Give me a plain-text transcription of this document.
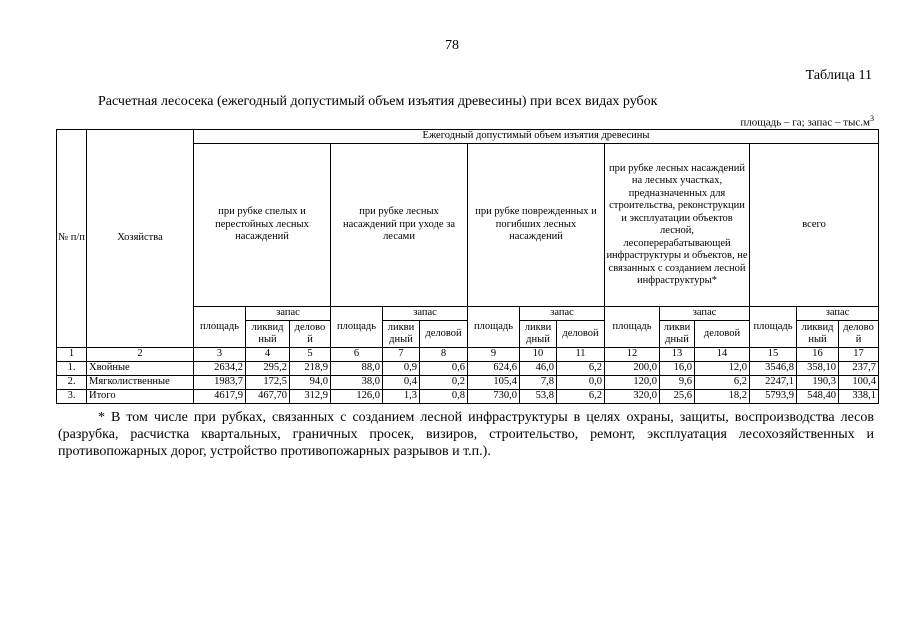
78
Таблица 11
Расчетная лесосека (ежегодный допустимый объем изъятия древесины) при всех видах рубок
площадь – га; запас – $тыс.м^3$
№ п/п	Хозяйства	Ежегодный допустимый объем изъятия древесины														
		при рубке спелых и перестойных лесных насаждений			при рубке лесных насаждений при уходе за лесами			при рубке поврежденных и погибших лесных насаждений			при рубке лесных насаждений на лесных участках, предназначенных для строительства, реконструкции и эксплуатации объектов лесной, лесоперерабатывающей инфраструктуры и объектов, не связанных с созданием лесной инфраструктуры*			всего		
		площадь	запас		площадь	запас		площадь	запас		площадь	запас		площадь	запас	
			ликвид ный	делово й		ликви дный	деловой		ликви дный	деловой		ликви дный	деловой		ликвид ный	делово й
1	2	3	4	5	6	7	8	9	10	11	12	13	14	15	16	17
1.	Хвойные	2634,2	295,2	218,9	88,0	0,9	0,6	624,6	46,0	6,2	200,0	16,0	12,0	3546,8	358,10	237,7
2.	Мягколиственные	1983,7	172,5	94,0	38,0	0,4	0,2	105,4	7,8	0,0	120,0	9,6	6,2	2247,1	190,3	100,4
3.	Итого	4617,9	467,70	312,9	126,0	1,3	0,8	730,0	53,8	6,2	320,0	25,6	18,2	5793,9	548,40	338,1
* В том числе при рубках, связанных с созданием лесной инфраструктуры в целях охраны, защиты, воспроизводства лесов (разрубка, расчистка квартальных, граничных просек, визиров, строительство, ремонт, эксплуатация лесохозяйственных и противопожарных дорог, устройство противопожарных разрывов и т.п.).
